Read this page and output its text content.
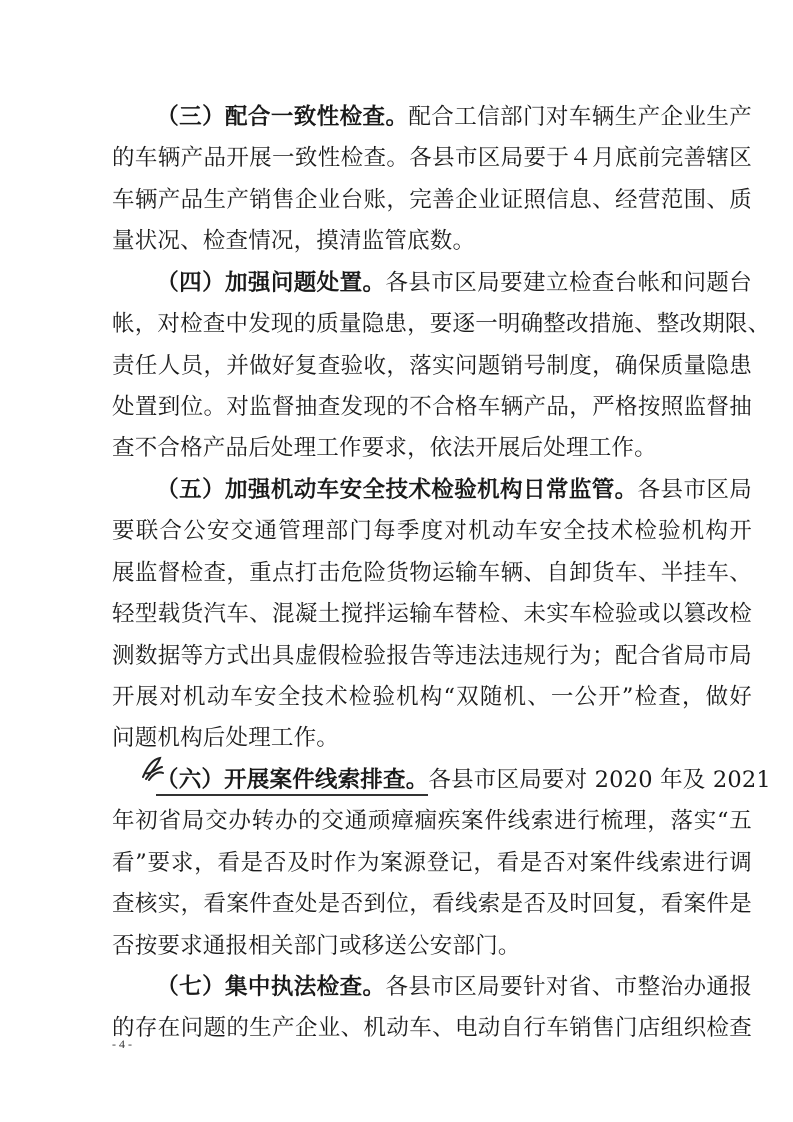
（三）配合一致性检查。配合工信部门对车辆生产企业生产
的车辆产品开展一致性检查。各县市区局要于４月底前完善辖区
车辆产品生产销售企业台账，完善企业证照信息、经营范围、质
量状况、检查情况，摸清监管底数。
（四）加强问题处置。各县市区局要建立检查台帐和问题台
帐，对检查中发现的质量隐患，要逐一明确整改措施、整改期限、
责任人员，并做好复查验收，落实问题销号制度，确保质量隐患
处置到位。对监督抽查发现的不合格车辆产品，严格按照监督抽
查不合格产品后处理工作要求，依法开展后处理工作。
（五）加强机动车安全技术检验机构日常监管。各县市区局
要联合公安交通管理部门每季度对机动车安全技术检验机构开
展监督检查，重点打击危险货物运输车辆、自卸货车、半挂车、
轻型载货汽车、混凝土搅拌运输车替检、未实车检验或以篡改检
测数据等方式出具虚假检验报告等违法违规行为；配合省局市局
开展对机动车安全技术检验机构“双随机、一公开”检查，做好
问题机构后处理工作。
（六）开展案件线索排查。各县市区局要对 2020 年及 2021
年初省局交办转办的交通顽瘴痼疾案件线索进行梳理，落实“五
看”要求，看是否及时作为案源登记，看是否对案件线索进行调
查核实，看案件查处是否到位，看线索是否及时回复，看案件是
否按要求通报相关部门或移送公安部门。
（七）集中执法检查。各县市区局要针对省、市整治办通报
的存在问题的生产企业、机动车、电动自行车销售门店组织检查
- 4 -
